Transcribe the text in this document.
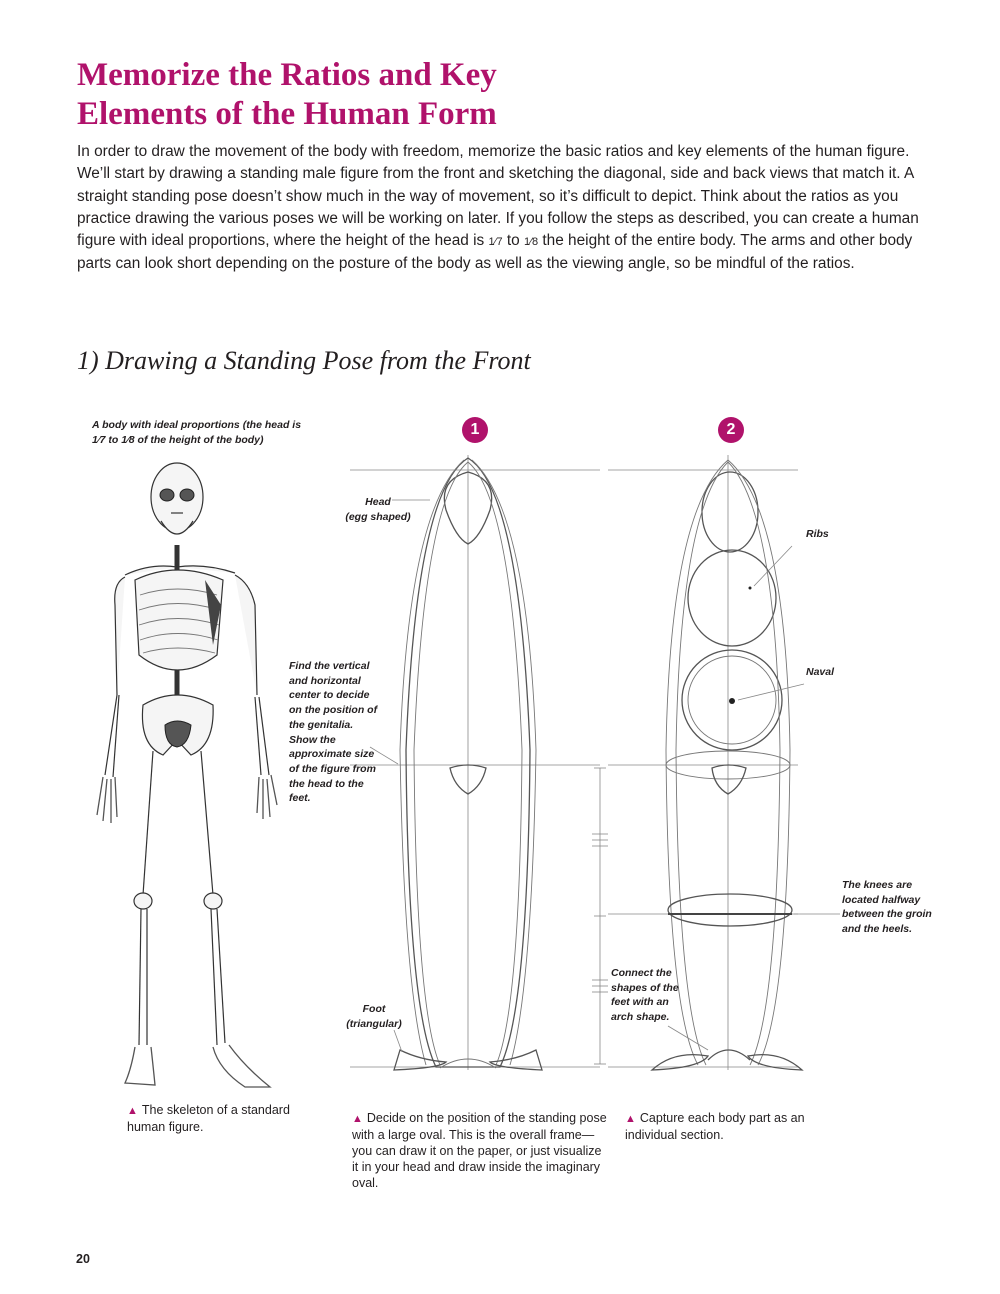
Memorize the Ratios and Key
Elements of the Human Form

In order to draw the movement of the body with freedom, memorize the basic ratios and key elements of the human figure. We’ll start by drawing a standing male figure from the front and sketching the diagonal, side and back views that match it. A straight standing pose doesn’t show much in the way of movement, so it’s difficult to depict. Think about the ratios as you practice drawing the various poses we will be working on later. If you follow the steps as described, you can create a human figure with ideal proportions, where the height of the head is 1⁄7 to 1⁄8 the height of the entire body. The arms and other body parts can look short depending on the posture of the body as well as the viewing angle, so be mindful of the ratios.

1) Drawing a Standing Pose from the Front
A body with ideal proportions (the head is 1⁄7 to 1⁄8 of the height of the body)
1	2
Head
(egg shaped)
Find the vertical and horizontal center to decide on the position of the genitalia. Show the approximate size of the figure from the head to the feet.
Foot
(triangular)
Connect the shapes of the feet with an arch shape.
Ribs
Naval
The knees are located halfway between the groin and the heels.
▲ The skeleton of a standard human figure.
▲ Decide on the position of the standing pose with a large oval. This is the overall frame—you can draw it on the paper, or just visualize it in your head and draw inside the imaginary oval.
▲ Capture each body part as an individual section.
20
